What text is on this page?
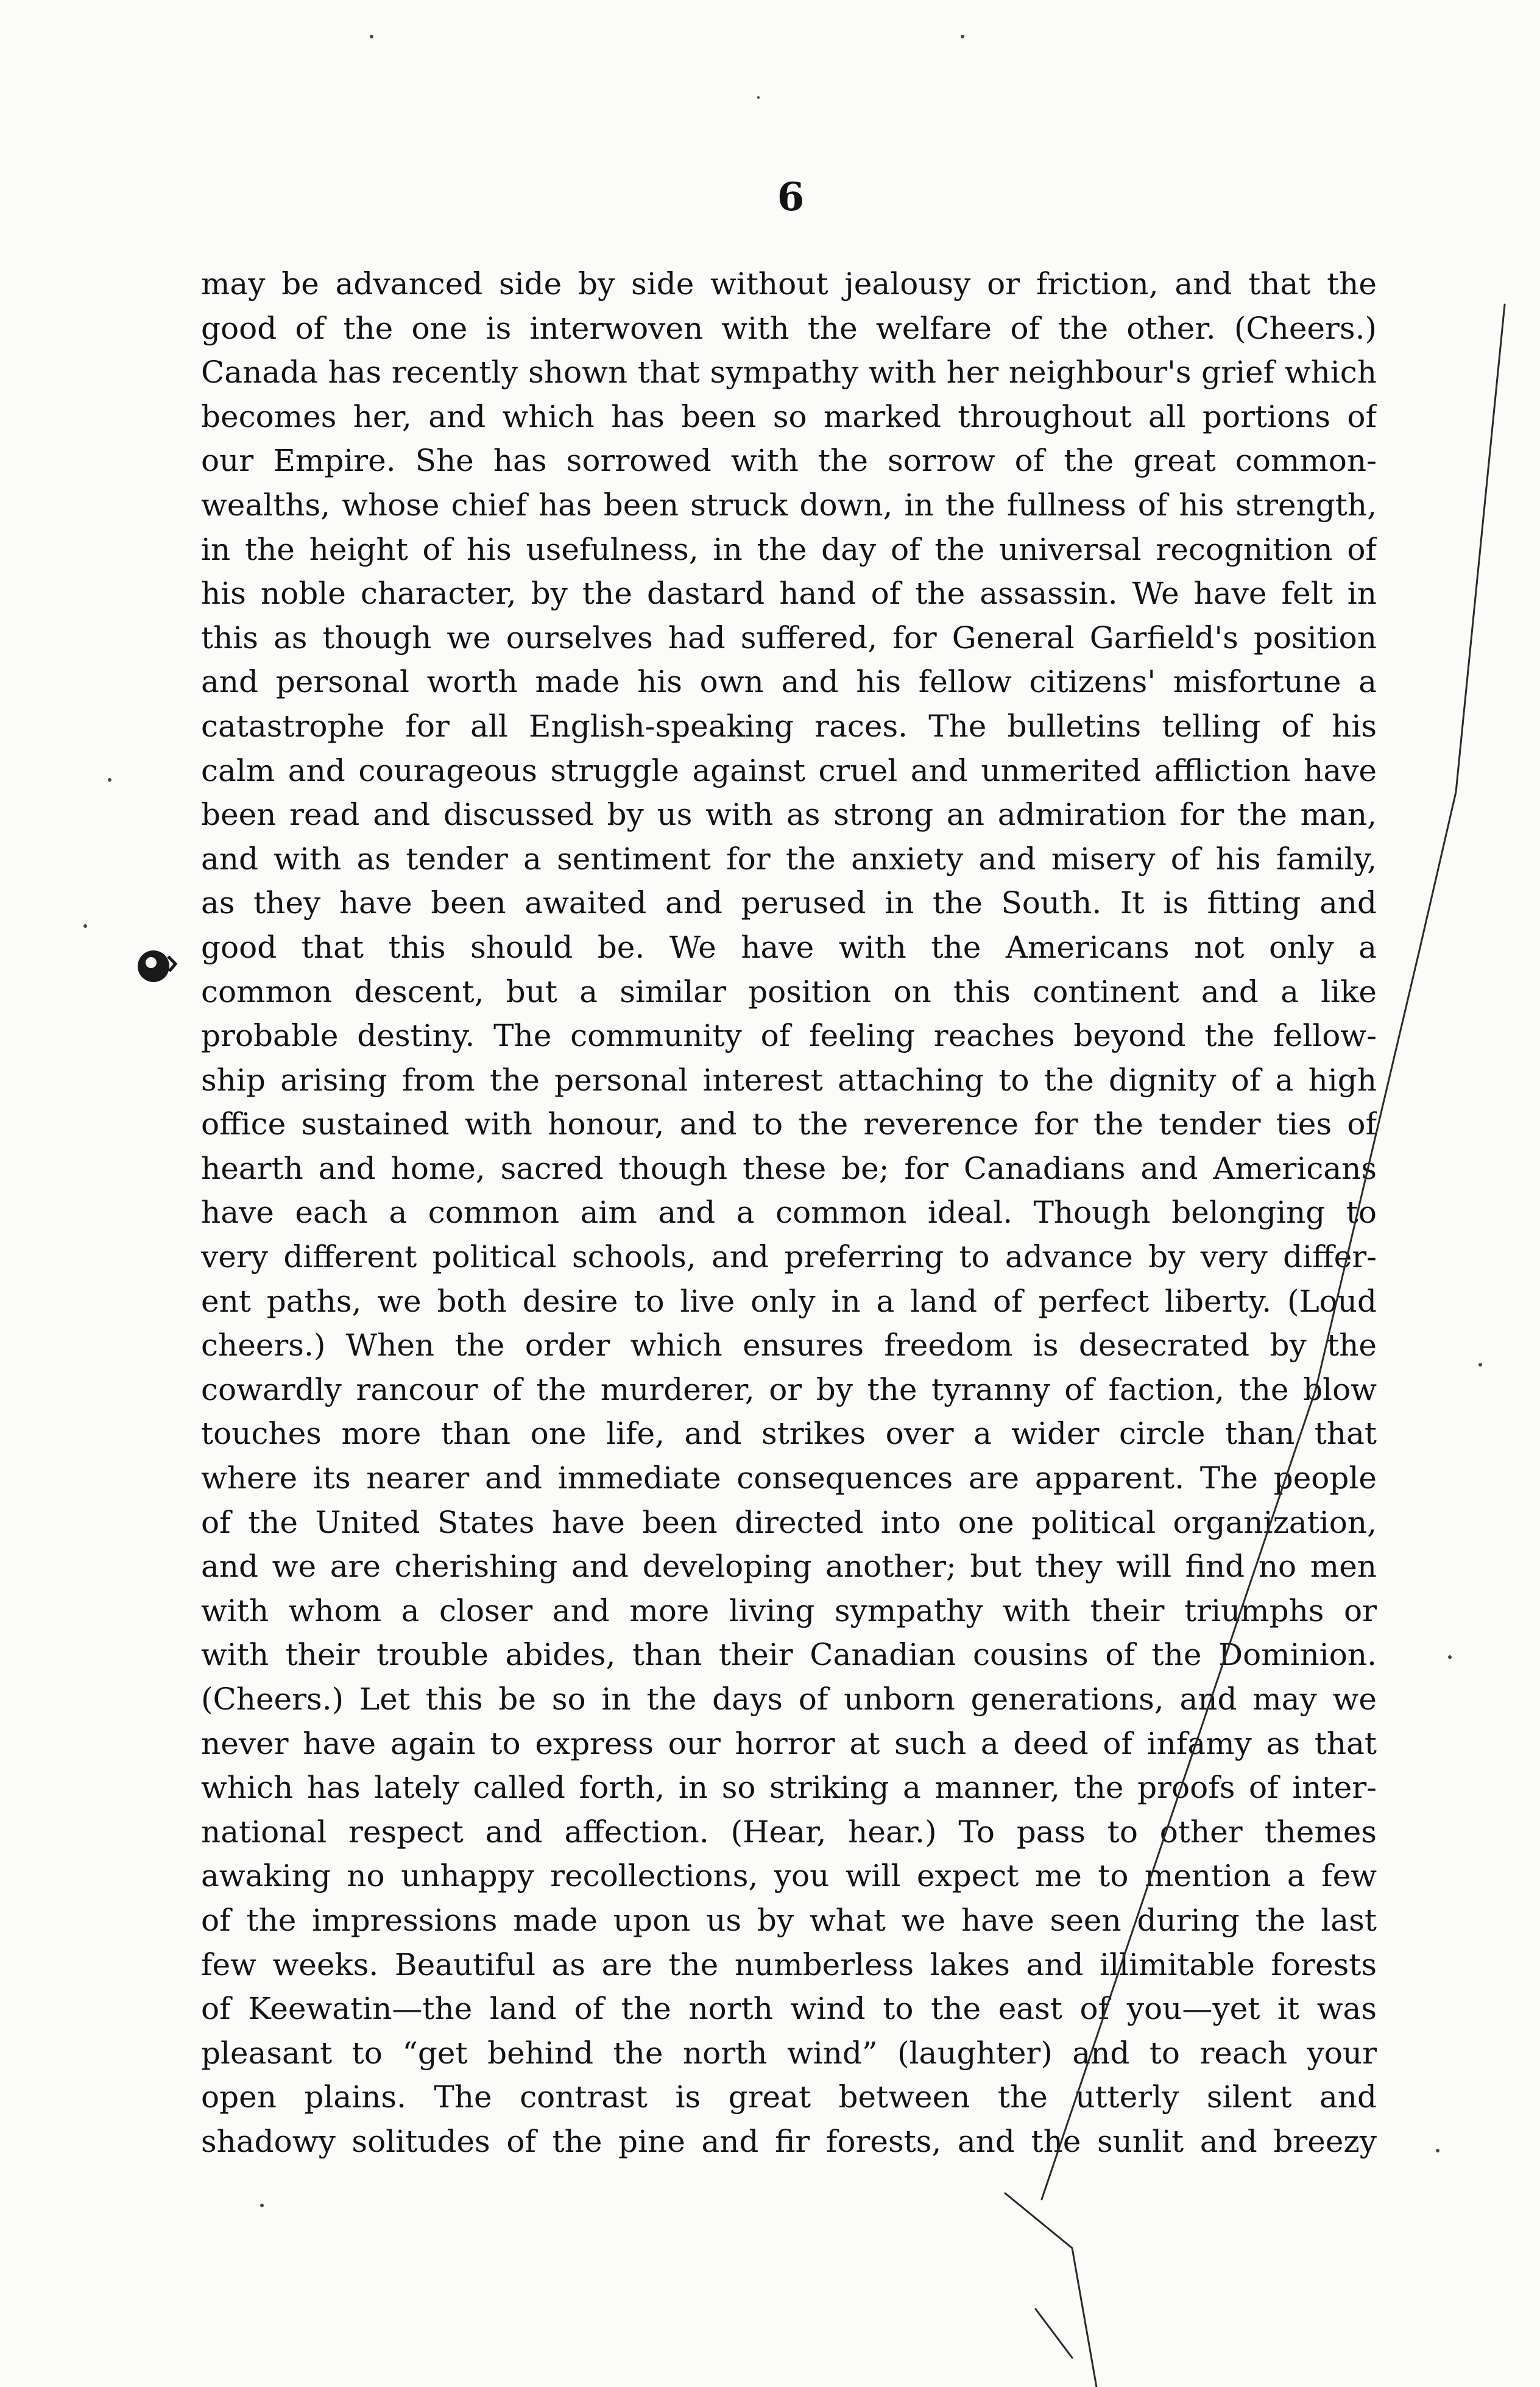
6
may be advanced side by side without jealousy or friction, and that the
good of the one is interwoven with the welfare of the other. (Cheers.)
Canada has recently shown that sympathy with her neighbour's grief which
becomes her, and which has been so marked throughout all portions of
our Empire. She has sorrowed with the sorrow of the great common-
wealths, whose chief has been struck down, in the fullness of his strength,
in the height of his usefulness, in the day of the universal recognition of
his noble character, by the dastard hand of the assassin. We have felt in
this as though we ourselves had suffered, for General Garfield's position
and personal worth made his own and his fellow citizens' misfortune a
catastrophe for all English-speaking races. The bulletins telling of his
calm and courageous struggle against cruel and unmerited affliction have
been read and discussed by us with as strong an admiration for the man,
and with as tender a sentiment for the anxiety and misery of his family,
as they have been awaited and perused in the South. It is fitting and
good that this should be. We have with the Americans not only a
common descent, but a similar position on this continent and a like
probable destiny. The community of feeling reaches beyond the fellow-
ship arising from the personal interest attaching to the dignity of a high
office sustained with honour, and to the reverence for the tender ties of
hearth and home, sacred though these be; for Canadians and Americans
have each a common aim and a common ideal. Though belonging to
very different political schools, and preferring to advance by very differ-
ent paths, we both desire to live only in a land of perfect liberty. (Loud
cheers.) When the order which ensures freedom is desecrated by the
cowardly rancour of the murderer, or by the tyranny of faction, the blow
touches more than one life, and strikes over a wider circle than that
where its nearer and immediate consequences are apparent. The people
of the United States have been directed into one political organization,
and we are cherishing and developing another; but they will find no men
with whom a closer and more living sympathy with their triumphs or
with their trouble abides, than their Canadian cousins of the Dominion.
(Cheers.) Let this be so in the days of unborn generations, and may we
never have again to express our horror at such a deed of infamy as that
which has lately called forth, in so striking a manner, the proofs of inter-
national respect and affection. (Hear, hear.) To pass to other themes
awaking no unhappy recollections, you will expect me to mention a few
of the impressions made upon us by what we have seen during the last
few weeks. Beautiful as are the numberless lakes and illimitable forests
of Keewatin—the land of the north wind to the east of you—yet it was
pleasant to “get behind the north wind” (laughter) and to reach your
open plains. The contrast is great between the utterly silent and
shadowy solitudes of the pine and fir forests, and the sunlit and breezy
